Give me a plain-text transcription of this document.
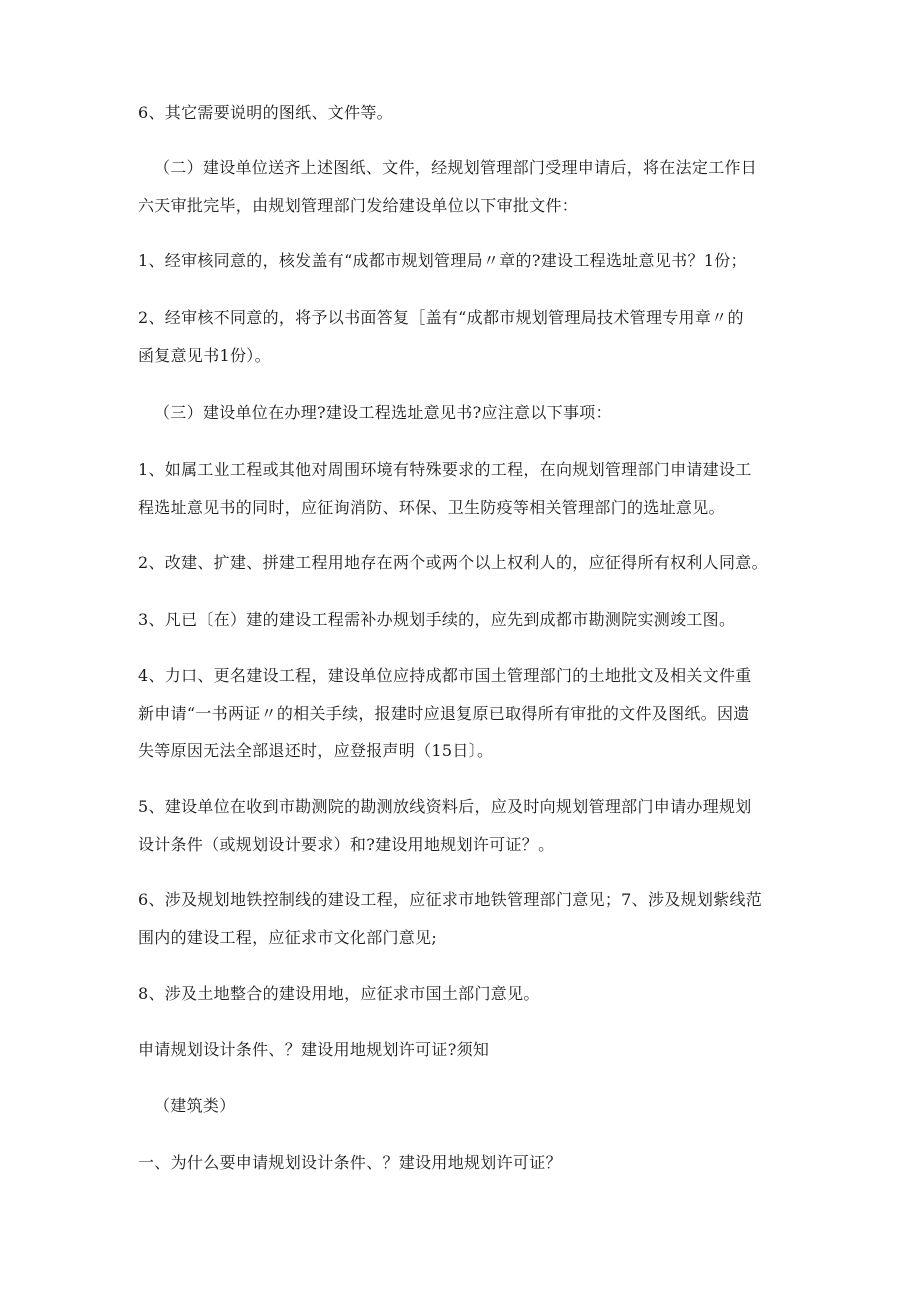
6、其它需要说明的图纸、文件等。
（二）建设单位送齐上述图纸、文件，经规划管理部门受理申请后，将在法定工作日
六天审批完毕，由规划管理部门发给建设单位以下审批文件：
1、经审核同意的，核发盖有“成都市规划管理局〃章的?建设工程选址意见书？1份；
2、经审核不同意的，将予以书面答复［盖有“成都市规划管理局技术管理专用章〃的
函复意见书1份）。
（三）建设单位在办理?建设工程选址意见书?应注意以下事项：
1、如属工业工程或其他对周围环境有特殊要求的工程，在向规划管理部门申请建设工
程选址意见书的同时，应征询消防、环保、卫生防疫等相关管理部门的选址意见。
2、改建、扩建、拼建工程用地存在两个或两个以上权利人的，应征得所有权利人同意。
3、凡已〔在）建的建设工程需补办规划手续的，应先到成都市勘测院实测竣工图。
4、力口、更名建设工程，建设单位应持成都市国土管理部门的土地批文及相关文件重
新申请“一书两证〃的相关手续，报建时应退复原已取得所有审批的文件及图纸。因遗
失等原因无法全部退还时，应登报声明（15日〕。
5、建设单位在收到市勘测院的勘测放线资料后，应及时向规划管理部门申请办理规划
设计条件（或规划设计要求）和?建设用地规划许可证？。
6、涉及规划地铁控制线的建设工程，应征求市地铁管理部门意见；7、涉及规划紫线范
围内的建设工程，应征求市文化部门意见;
8、涉及土地整合的建设用地，应征求市国土部门意见。
申请规划设计条件、？建设用地规划许可证?须知
（建筑类）
一、为什么要申请规划设计条件、？建设用地规划许可证？
